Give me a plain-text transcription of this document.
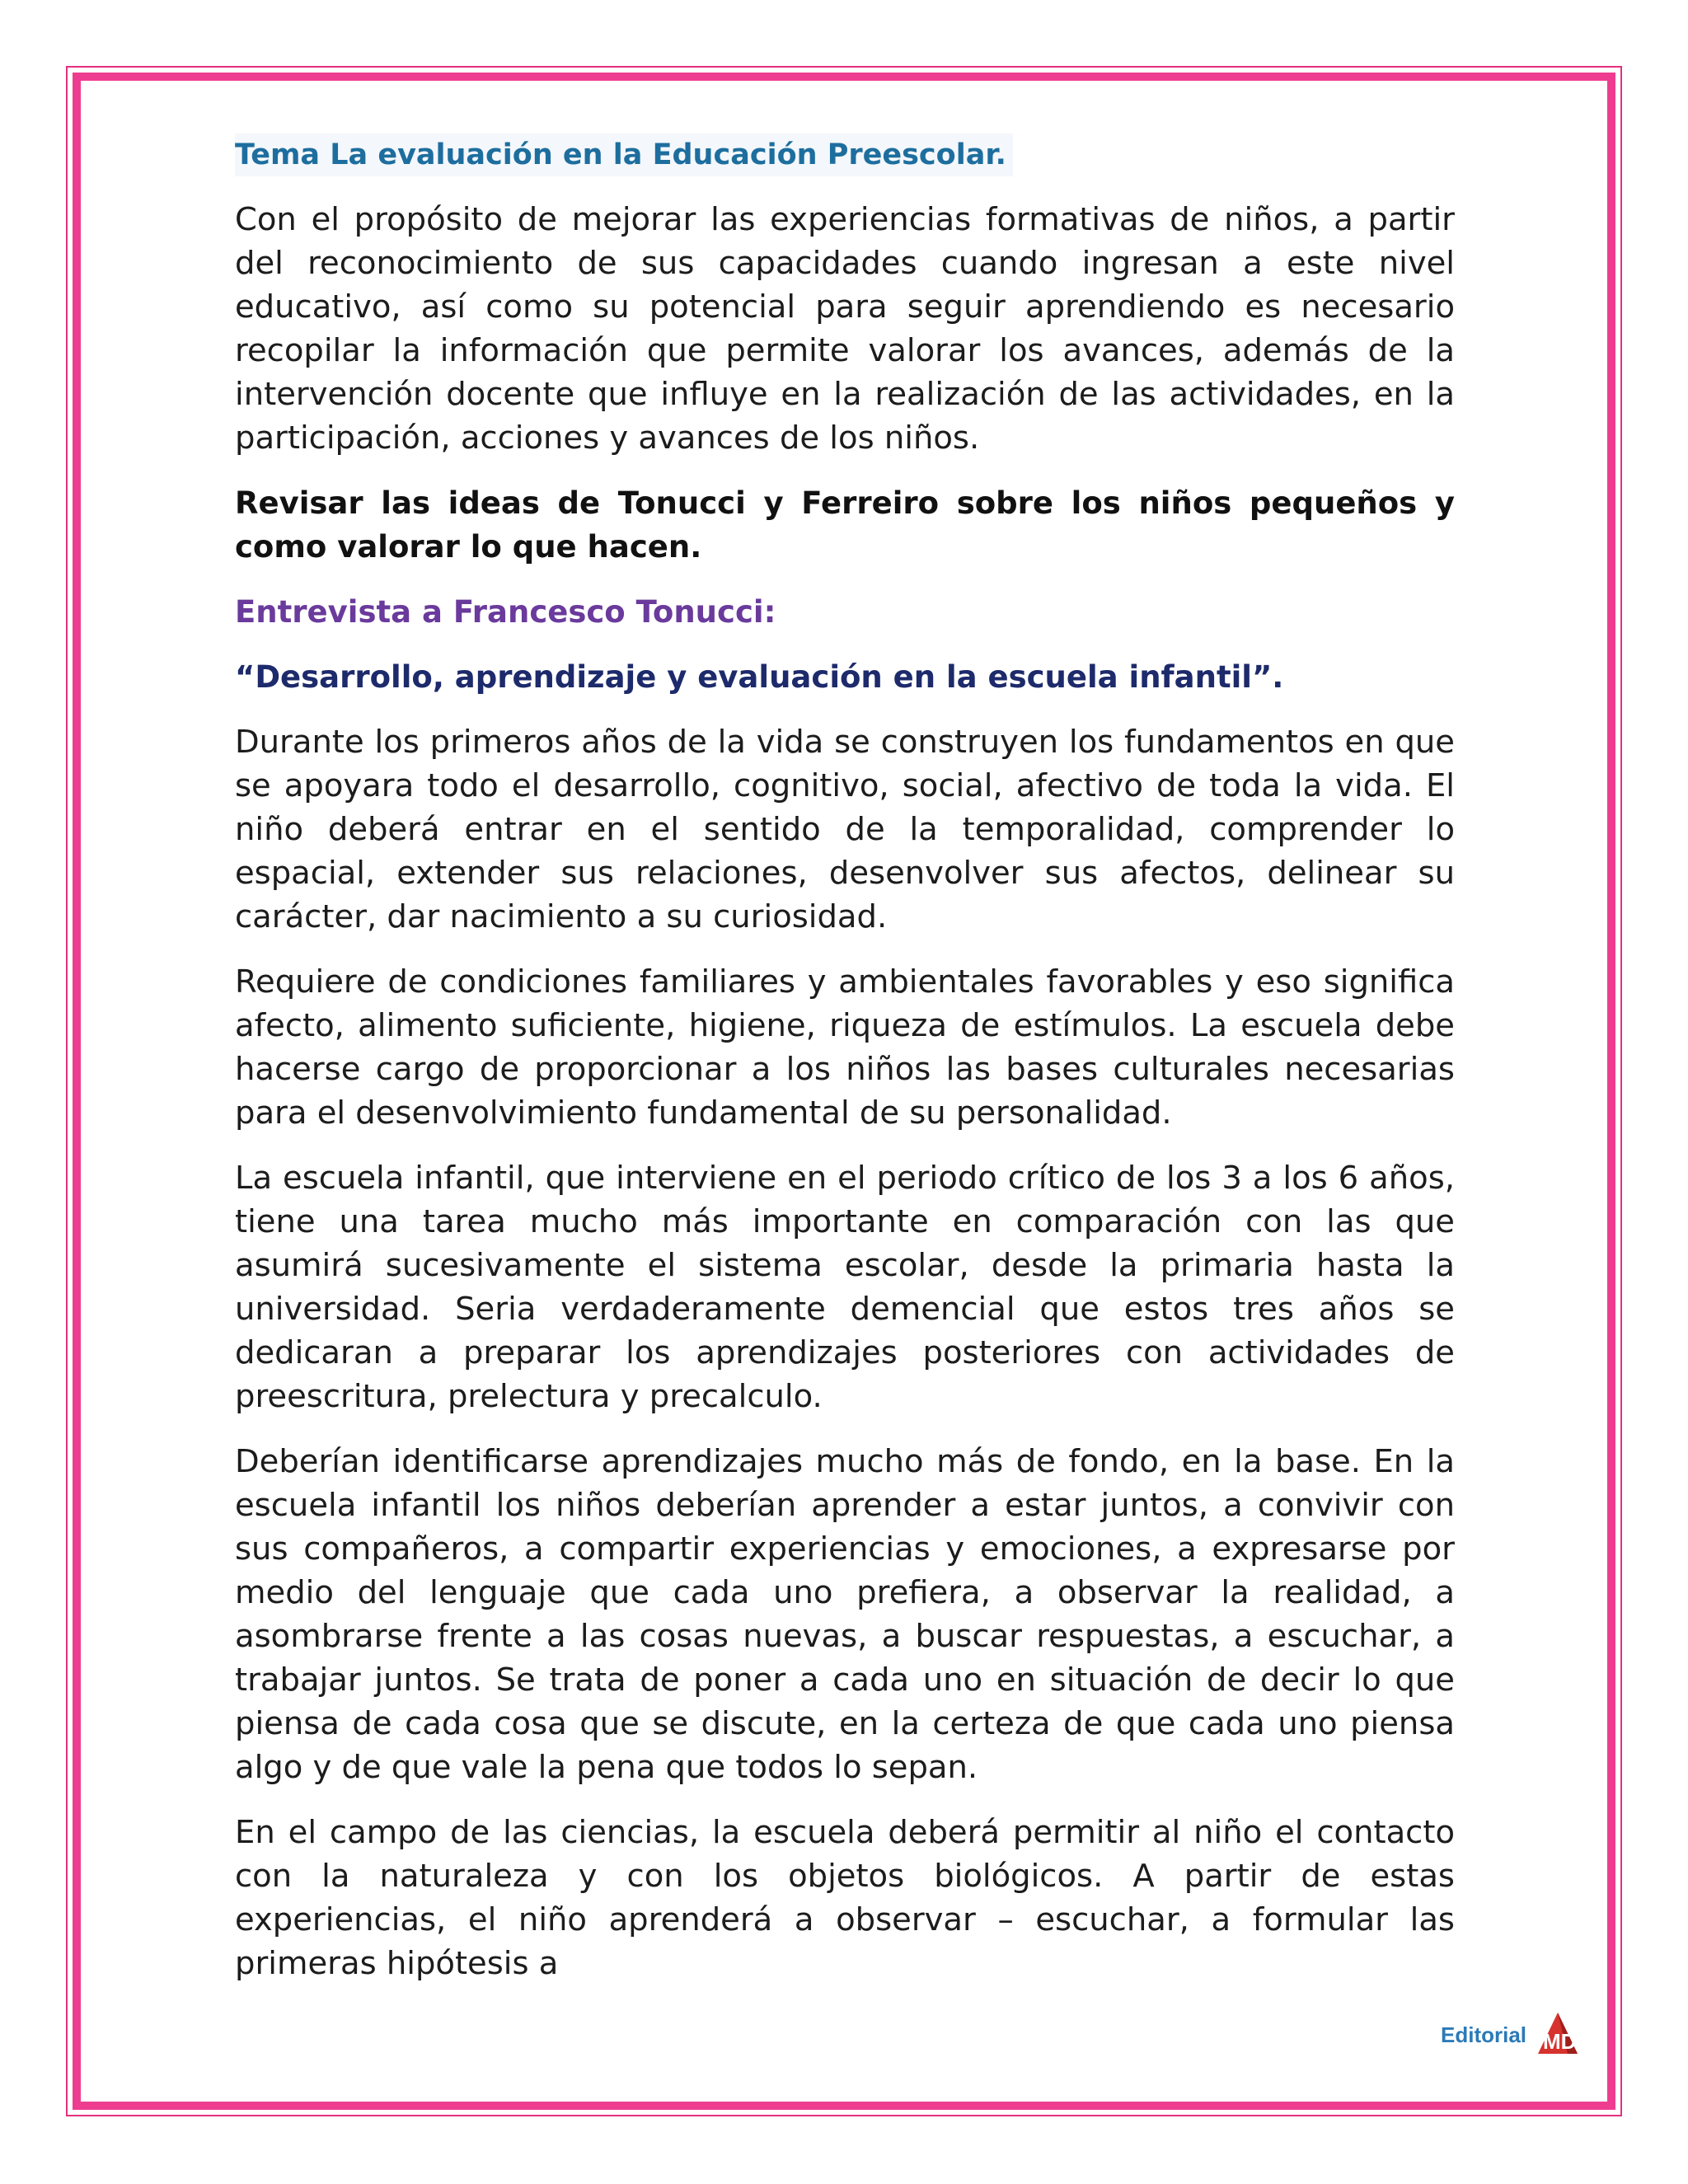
Tema La evaluación en la Educación Preescolar.

Con el propósito de mejorar las experiencias formativas de niños, a partir del reconocimiento de sus capacidades cuando ingresan a este nivel educativo, así como su potencial para seguir aprendiendo es necesario recopilar la información que permite valorar los avances, además de la intervención docente que influye en la realización de las actividades, en la participación, acciones y avances de los niños.

Revisar las ideas de Tonucci y Ferreiro sobre los niños pequeños y como valorar lo que hacen.

Entrevista a Francesco Tonucci:

“Desarrollo, aprendizaje y evaluación en la escuela infantil”.

Durante los primeros años de la vida se construyen los fundamentos en que se apoyara todo el desarrollo, cognitivo, social, afectivo de toda la vida. El niño deberá entrar en el sentido de la temporalidad, comprender lo espacial, extender sus relaciones, desenvolver sus afectos, delinear su carácter, dar nacimiento a su curiosidad.

Requiere de condiciones familiares y ambientales favorables y eso significa afecto, alimento suficiente, higiene, riqueza de estímulos. La escuela debe hacerse cargo de proporcionar a los niños las bases culturales necesarias para el desenvolvimiento fundamental de su personalidad.

La escuela infantil, que interviene en el periodo crítico de los 3 a los 6 años, tiene una tarea mucho más importante en comparación con las que asumirá sucesivamente el sistema escolar, desde la primaria hasta la universidad. Seria verdaderamente demencial que estos tres años se dedicaran a preparar los aprendizajes posteriores con actividades de preescritura, prelectura y precalculo.

Deberían identificarse aprendizajes mucho más de fondo, en la base. En la escuela infantil los niños deberían aprender a estar juntos, a convivir con sus compañeros, a compartir experiencias y emociones, a expresarse por medio del lenguaje que cada uno prefiera, a observar la realidad, a asombrarse frente a las cosas nuevas, a buscar respuestas, a escuchar, a trabajar juntos. Se trata de poner a cada uno en situación de decir lo que piensa de cada cosa que se discute, en la certeza de que cada uno piensa algo y de que vale la pena que todos lo sepan.

En el campo de las ciencias, la escuela deberá permitir al niño el contacto con la naturaleza y con los objetos biológicos. A partir de estas experiencias, el niño aprenderá a observar – escuchar, a formular las primeras hipótesis a

Editorial MD
